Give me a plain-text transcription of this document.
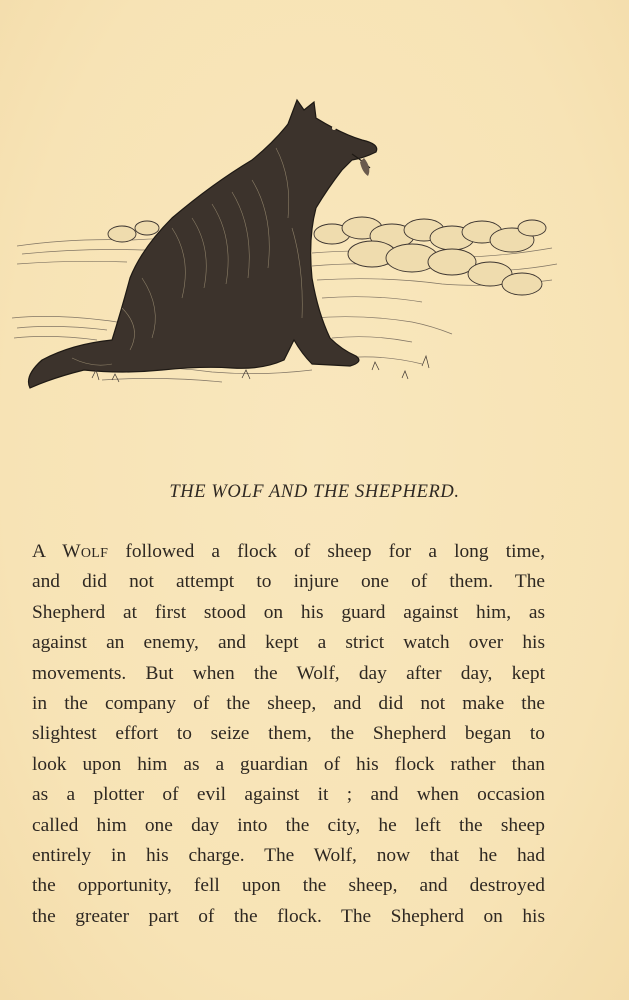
THE WOLF AND THE SHEPHERD.
A Wolf followed a flock of sheep for a long time,
and did not attempt to injure one of them. The
Shepherd at first stood on his guard against him, as
against an enemy, and kept a strict watch over his
movements. But when the Wolf, day after day, kept
in the company of the sheep, and did not make the
slightest effort to seize them, the Shepherd began to
look upon him as a guardian of his flock rather than
as a plotter of evil against it ; and when occasion
called him one day into the city, he left the sheep
entirely in his charge. The Wolf, now that he had
the opportunity, fell upon the sheep, and destroyed
the greater part of the flock. The Shepherd on his
